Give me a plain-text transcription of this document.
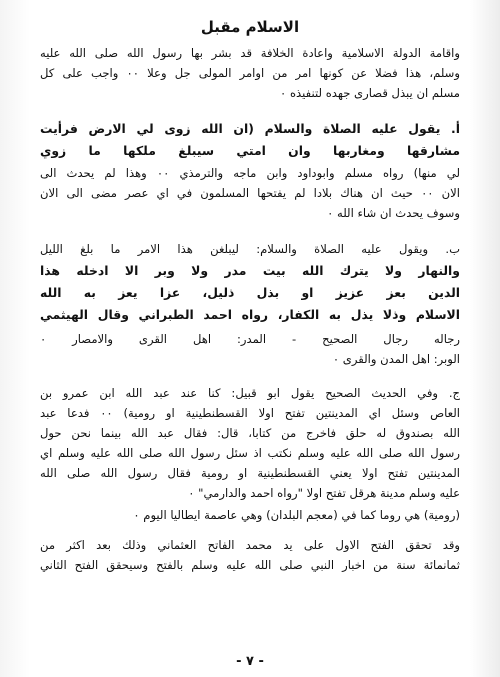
الاسلام مقبل
واقامة الدولة الاسلامية واعادة الخلافة قد بشر بها رسول الله صلى الله عليه
وسلم، هذا فضلا عن كونها امر من اوامر المولى جل وعلا ٠٠ واجب على كل
مسلم ان يبذل قصارى جهده لتنفيذه ٠
أ. يقول عليه الصلاة والسلام (ان الله زوى لي الارض فرأيت
مشارقها ومغاربها وان امتي سيبلغ ملكها ما زوي
لي منها) رواه مسلم وابوداود وابن ماجه والترمذي ٠٠ وهذا لم يحدث الى
الان ٠٠ حيث ان هناك بلادا لم يفتحها المسلمون في اي عصر مضى الى الان
وسوف يحدث ان شاء الله ٠
ب. ويقول عليه الصلاة والسلام: ليبلغن هذا الامر ما بلغ الليل
والنهار ولا يترك الله بيت مدر ولا وبر الا ادخله هذا
الدين بعز عزيز او بذل ذليل، عزا يعز به الله
الاسلام وذلا يذل به الكفار، رواه احمد الطبراني وقال الهيثمي
رجاله رجال الصحيح - المدر: اهل القرى والامصار ٠
الوبر: اهل المدن والقرى ٠
ج. وفي الحديث الصحيح يقول ابو قبيل: كنا عند عبد الله ابن عمرو بن
العاص وسئل اي المدينتين تفتح اولا القسطنطينية او رومية) ٠٠ فدعا عبد
الله بصندوق له حلق فاخرج من كتابا، قال: فقال عبد الله بينما نحن حول
رسول الله صلى الله عليه وسلم نكتب اذ سئل رسول الله صلى الله عليه وسلم اي
المدينتين تفتح اولا يعني القسطنطينية او رومية فقال رسول الله صلى الله
عليه وسلم مدينة هرقل تفتح اولا "رواه احمد والدارمي" ٠
(رومية) هي روما كما في (معجم البلدان) وهي عاصمة ايطاليا اليوم ٠
وقد تحقق الفتح الاول على يد محمد الفاتح العثماني وذلك بعد اكثر من
ثمانمائة سنة من اخبار النبي صلى الله عليه وسلم بالفتح وسيحقق الفتح الثاني
- ٧ -
